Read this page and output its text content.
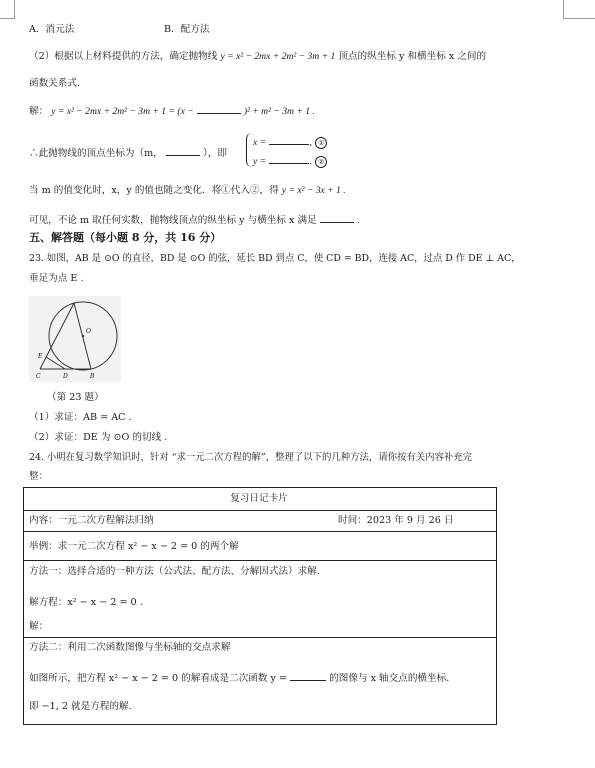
A．消元法	B．配方法
（2）根据以上材料提供的方法，确定抛物线 y = x² − 2mx + 2m² − 3m + 1 顶点的纵坐标 y 和横坐标 x 之间的
函数关系式.
解： y = x² − 2mx + 2m² − 3m + 1 = (x −	)² + m² − 3m + 1 .
∴此抛物线的顶点坐标为（m，	），即
x =	, ①
y =	. ②
当 m 的值变化时，x，y 的值也随之变化．将①代入②，得 y = x² − 3x + 1 .
可见，不论 m 取任何实数，抛物线顶点的纵坐标 y 与横坐标 x 满足	.
五、解答题（每小题 8 分，共 16 分）
23. 如图，AB 是 ⊙O 的直径，BD 是 ⊙O 的弦，延长 BD 到点 C，使 CD = BD，连接 AC，过点 D 作 DE ⊥ AC，
垂足为点 E .
O
E
C	D	B
（第 23 题）
（1）求证：AB = AC .
（2）求证：DE 为 ⊙O 的切线 .
24. 小明在复习数学知识时，针对 “求一元二次方程的解”，整理了以下的几种方法，请你按有关内容补充完
整：
复习日记卡片
内容：一元二次方程解法归纳	时间：2023 年 9 月 26 日
举例：求一元二次方程 x² − x − 2 = 0 的两个解
方法一：选择合适的一种方法（公式法、配方法、分解因式法）求解.
解方程：x² − x − 2 = 0 .
解：
方法二：利用二次函数图像与坐标轴的交点求解
如图所示，把方程 x² − x − 2 = 0 的解看成是二次函数 y =	的图像与 x 轴交点的横坐标.
即 −1, 2 就是方程的解.
